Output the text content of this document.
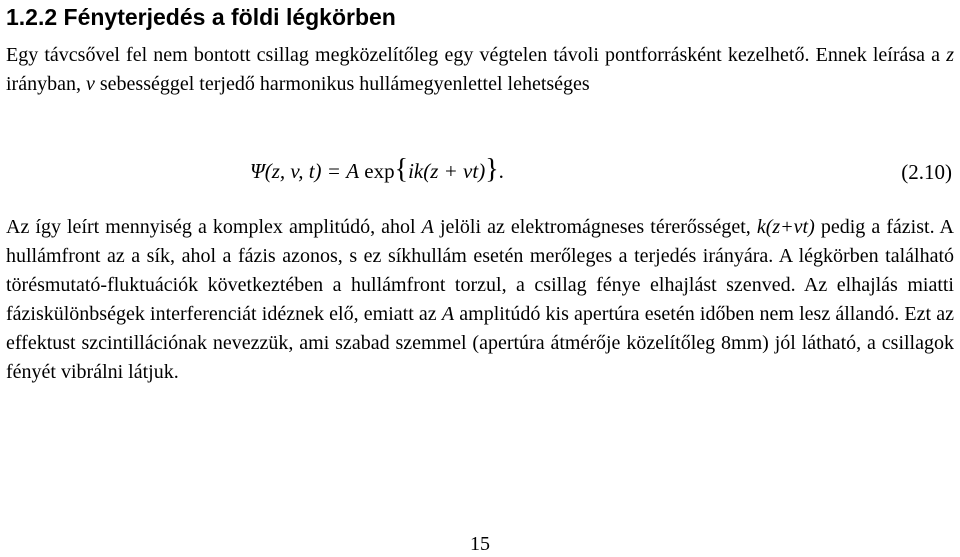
1.2.2 Fényterjedés a földi légkörben
Egy távcsővel fel nem bontott csillag megközelítőleg egy végtelen távoli pontforrásként kezelhető. Ennek leírása a z irányban, v sebességgel terjedő harmonikus hullámegyenlettel lehetséges
Ψ(z, v, t) = A exp{ik(z + vt)}.	(2.10)
Az így leírt mennyiség a komplex amplitúdó, ahol A jelöli az elektromágneses térerősséget, k(z+vt) pedig a fázist. A hullámfront az a sík, ahol a fázis azonos, s ez síkhullám esetén merőleges a terjedés irányára. A légkörben található törésmutató-fluktuációk következtében a hullámfront torzul, a csillag fénye elhajlást szenved. Az elhajlás miatti fáziskülönbségek interferenciát idéznek elő, emiatt az A amplitúdó kis apertúra esetén időben nem lesz állandó. Ezt az effektust szcintillációnak nevezzük, ami szabad szemmel (apertúra átmérője közelítőleg 8mm) jól látható, a csillagok fényét vibrálni látjuk.
15
